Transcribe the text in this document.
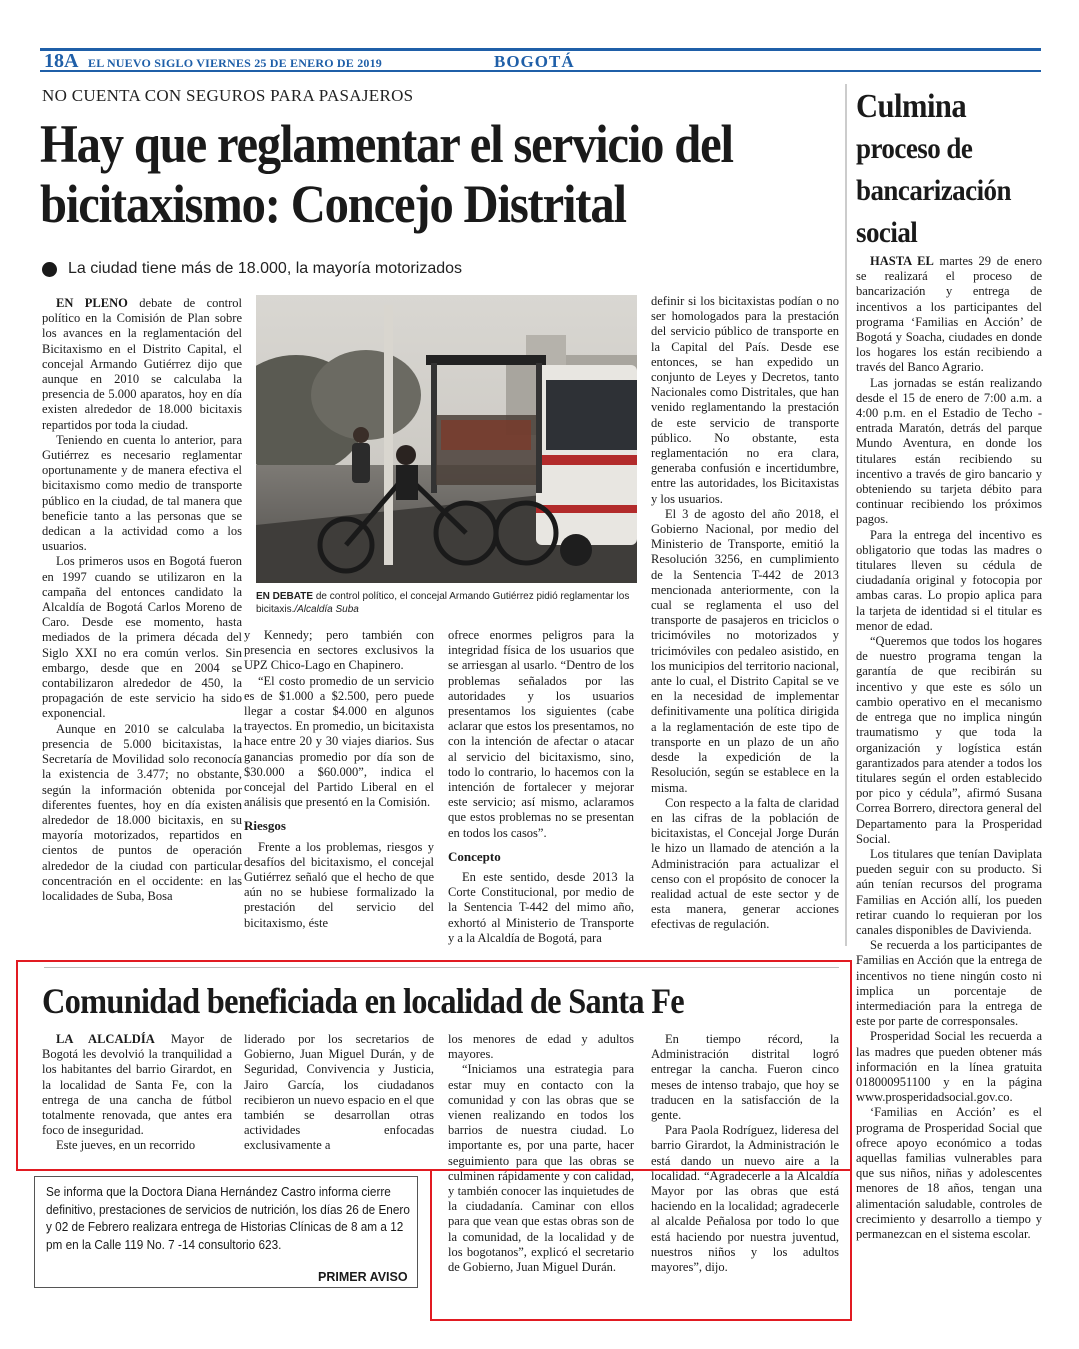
18A EL NUEVO SIGLO VIERNES 25 DE ENERO DE 2019	BOGOTÁ
NO CUENTA CON SEGUROS PARA PASAJEROS
Hay que reglamentar el servicio del bicitaxismo: Concejo Distrital
La ciudad tiene más de 18.000, la mayoría motorizados

EN PLENO debate de control político en la Comisión de Plan sobre los avances en la reglamentación del Bicitaxismo en el Distrito Capital, el concejal Armando Gutiérrez dijo que aunque en 2010 se calculaba la presencia de 5.000 aparatos, hoy en día existen alrededor de 18.000 bicitaxis repartidos por toda la ciudad.

Teniendo en cuenta lo anterior, para Gutiérrez es necesario reglamentar oportunamente y de manera efectiva el bicitaxismo como medio de transporte público en la ciudad, de tal manera que beneficie tanto a las personas que se dedican a la actividad como a los usuarios.

Los primeros usos en Bogotá fueron en 1997 cuando se utilizaron en la campaña del entonces candidato la Alcaldía de Bogotá Carlos Moreno de Caro. Desde ese momento, hasta mediados de la primera década del Siglo XXI no era común verlos. Sin embargo, desde que en 2004 se contabilizaron alrededor de 450, la propagación de este servicio ha sido exponencial.

Aunque en 2010 se calculaba la presencia de 5.000 bicitaxistas, la Secretaría de Movilidad solo reconocía la existencia de 3.477; no obstante, según la información obtenida por diferentes fuentes, hoy en día existen alrededor de 18.000 bicitaxis, en su mayoría motorizados, repartidos en cientos de puntos de operación alrededor de la ciudad con particular concentración en el occidente: en las localidades de Suba, Bosa

EN DEBATE de control político, el concejal Armando Gutiérrez pidió reglamentar los bicitaxis./Alcaldía Suba

y Kennedy; pero también con presencia en sectores exclusivos la UPZ Chico-Lago en Chapinero.

“El costo promedio de un servicio es de $1.000 a $2.500, pero puede llegar a costar $4.000 en algunos trayectos. En promedio, un bicitaxista hace entre 20 y 30 viajes diarios. Sus ganancias promedio por día son de $30.000 a $60.000”, indica el concejal del Partido Liberal en el análisis que presentó en la Comisión.

Riesgos

Frente a los problemas, riesgos y desafíos del bicitaxismo, el concejal Gutiérrez señaló que el hecho de que aún no se hubiese formalizado la prestación del servicio del bicitaxismo, éste

ofrece enormes peligros para la integridad física de los usuarios que se arriesgan al usarlo. “Dentro de los problemas señalados por las autoridades y los usuarios presentamos los siguientes (cabe aclarar que estos los presentamos, no con la intención de afectar o atacar al servicio del bicitaxismo, sino, todo lo contrario, lo hacemos con la intención de fortalecer y mejorar este servicio; así mismo, aclaramos que estos problemas no se presentan en todos los casos”.

Concepto

En este sentido, desde 2013 la Corte Constitucional, por medio de la Sentencia T-442 del mimo año, exhortó al Ministerio de Transporte y a la Alcaldía de Bogotá, para

definir si los bicitaxistas podían o no ser homologados para la prestación del servicio público de transporte en la Capital del País. Desde ese entonces, se han expedido un conjunto de Leyes y Decretos, tanto Nacionales como Distritales, que han venido reglamentando la prestación de este servicio de transporte público. No obstante, esta reglamentación no era clara, generaba confusión e incertidumbre, entre las autoridades, los Bicitaxistas y los usuarios.

El 3 de agosto del año 2018, el Gobierno Nacional, por medio del Ministerio de Transporte, emitió la Resolución 3256, en cumplimiento de la Sentencia T-442 de 2013 mencionada anteriormente, con la cual se reglamenta el uso del transporte de pasajeros en triciclos o tricimóviles no motorizados y tricimóviles con pedaleo asistido, en los municipios del territorio nacional, ante lo cual, el Distrito Capital se ve en la necesidad de implementar definitivamente una política dirigida a la reglamentación de este tipo de transporte en un plazo de un año desde la expedición de la Resolución, según se establece en la misma.

Con respecto a la falta de claridad en las cifras de la población de bicitaxistas, el Concejal Jorge Durán le hizo un llamado de atención a la Administración para actualizar el censo con el propósito de conocer la realidad actual de este sector y de esta manera, generar acciones efectivas de regulación.

Culmina
proceso de bancarización social

HASTA EL martes 29 de enero se realizará el proceso de bancarización y entrega de incentivos a los participantes del programa ‘Familias en Acción’ de Bogotá y Soacha, ciudades en donde los hogares los están recibiendo a través del Banco Agrario.

Las jornadas se están realizando desde el 15 de enero de 7:00 a.m. a 4:00 p.m. en el Estadio de Techo - entrada Maratón, detrás del parque Mundo Aventura, en donde los titulares están recibiendo su incentivo a través de giro bancario y obteniendo su tarjeta débito para continuar recibiendo los próximos pagos.

Para la entrega del incentivo es obligatorio que todas las madres o titulares lleven su cédula de ciudadanía original y fotocopia por ambas caras. Lo propio aplica para la tarjeta de identidad si el titular es menor de edad.

“Queremos que todos los hogares de nuestro programa tengan la garantía de que recibirán su incentivo y que este es sólo un cambio operativo en el mecanismo de entrega que no implica ningún traumatismo y que toda la organización y logística están garantizados para atender a todos los titulares según el orden establecido por pico y cédula”, afirmó Susana Correa Borrero, directora general del Departamento para la Prosperidad Social.

Los titulares que tenían Daviplata pueden seguir con su producto. Si aún tenían recursos del programa Familias en Acción allí, los pueden retirar cuando lo requieran por los canales disponibles de Davivienda.

Se recuerda a los participantes de Familias en Acción que la entrega de incentivos no tiene ningún costo ni implica un porcentaje de intermediación para la entrega de este por parte de corresponsales.

Prosperidad Social les recuerda a las madres que pueden obtener más información en la línea gratuita 018000951100 y en la página www.prosperidadsocial.gov.co.

‘Familias en Acción’ es el programa de Prosperidad Social que ofrece apoyo económico a todas aquellas familias vulnerables para que sus niños, niñas y adolescentes menores de 18 años, tengan una alimentación saludable, controles de crecimiento y desarrollo a tiempo y permanezcan en el sistema escolar.

Comunidad beneficiada en localidad de Santa Fe

LA ALCALDÍA Mayor de Bogotá les devolvió la tranquilidad a los habitantes del barrio Girardot, en la localidad de Santa Fe, con la entrega de una cancha de fútbol totalmente renovada, que antes era foco de inseguridad.

Este jueves, en un recorrido

liderado por los secretarios de Gobierno, Juan Miguel Durán, y de Seguridad, Convivencia y Justicia, Jairo García, los ciudadanos recibieron un nuevo espacio en el que también se desarrollan otras actividades enfocadas exclusivamente a

los menores de edad y adultos mayores.

“Iniciamos una estrategia para estar muy en contacto con la comunidad y con las obras que se vienen realizando en todos los barrios de nuestra ciudad. Lo importante es, por una parte, hacer seguimiento para que las obras se culminen rápidamente y con calidad, y también conocer las inquietudes de la ciudadanía. Caminar con ellos para que vean que estas obras son de la comunidad, de la localidad y de los bogotanos”, explicó el secretario de Gobierno, Juan Miguel Durán.

En tiempo récord, la Administración distrital logró entregar la cancha. Fueron cinco meses de intenso trabajo, que hoy se traducen en la satisfacción de la gente.

Para Paola Rodríguez, lideresa del barrio Girardot, la Administración le está dando un nuevo aire a la localidad. “Agradecerle a la Alcaldía Mayor por las obras que está haciendo en la localidad; agradecerle al alcalde Peñalosa por todo lo que está haciendo por nuestra juventud, nuestros niños y los adultos mayores”, dijo.

Se informa que la Doctora Diana Hernández Castro informa cierre definitivo, prestaciones de servicios de nutrición, los días 26 de Enero y 02 de Febrero realizara entrega de Historias Clínicas de 8 am a 12 pm en la Calle 119 No. 7 -14 consultorio 623.
PRIMER AVISO
